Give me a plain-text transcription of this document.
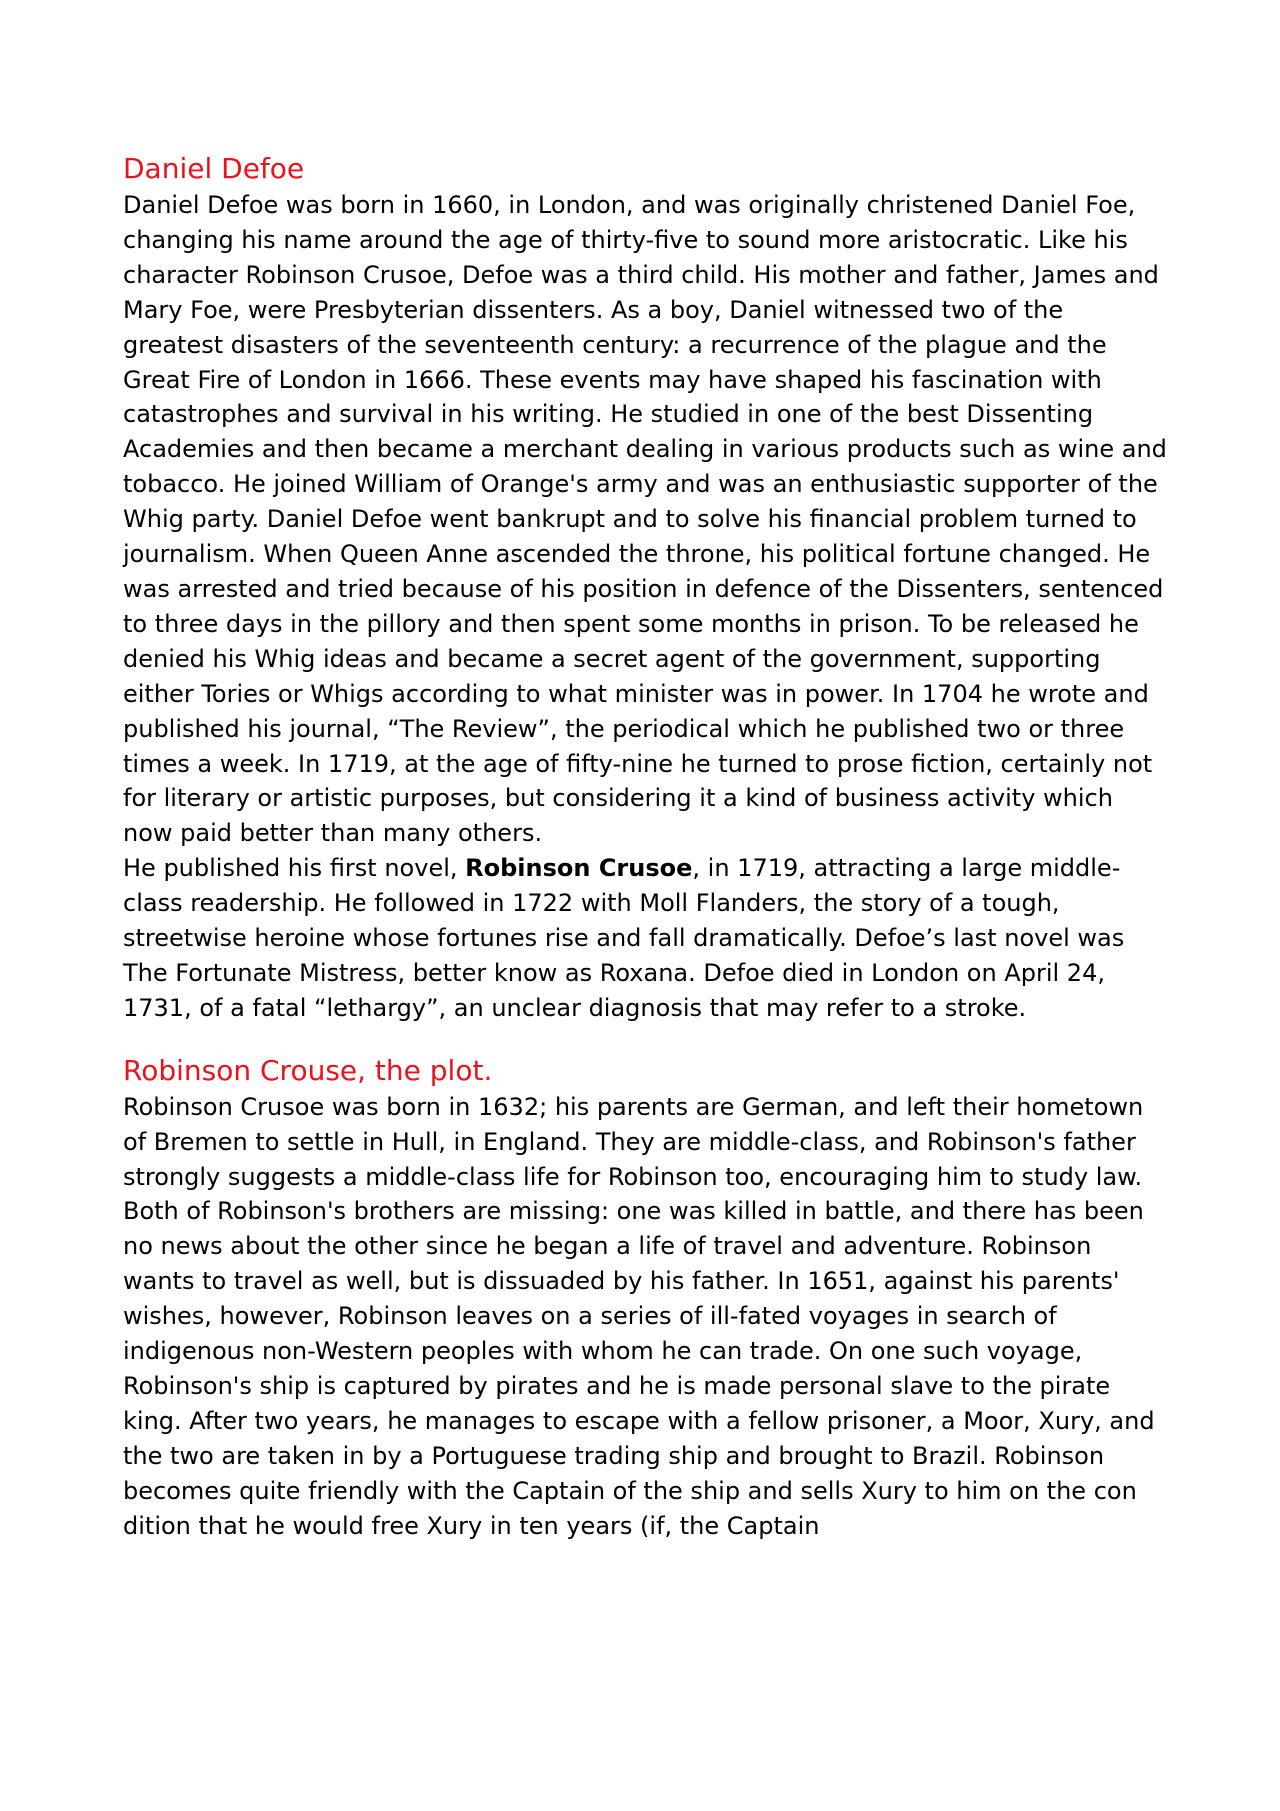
Daniel Defoe

Daniel Defoe was born in 1660, in London, and was originally christened Daniel Foe, changing his name around the age of thirty-five to sound more aristocratic. Like his character Robinson Crusoe, Defoe was a third child. His mother and father, James and Mary Foe, were Presbyterian dissenters. As a boy, Daniel witnessed two of the greatest disasters of the seventeenth century: a recurrence of the plague and the Great Fire of London in 1666. These events may have shaped his fascination with catastrophes and survival in his writing. He studied in one of the best Dissenting Academies and then became a merchant dealing in various products such as wine and tobacco. He joined William of Orange's army and was an enthusiastic supporter of the Whig party. Daniel Defoe went bankrupt and to solve his financial problem turned to journalism. When Queen Anne ascended the throne, his political fortune changed. He was arrested and tried because of his position in defence of the Dissenters, sentenced to three days in the pillory and then spent some months in prison. To be released he denied his Whig ideas and became a secret agent of the government, supporting either Tories or Whigs according to what minister was in power. In 1704 he wrote and published his journal, “The Review”, the periodical which he published two or three times a week. In 1719, at the age of fifty-nine he turned to prose fiction, certainly not for literary or artistic purposes, but considering it a kind of business activity which now paid better than many others.

He published his first novel, Robinson Crusoe, in 1719, attracting a large middle-class readership. He followed in 1722 with Moll Flanders, the story of a tough, streetwise heroine whose fortunes rise and fall dramatically. Defoe’s last novel was The Fortunate Mistress, better know as Roxana. Defoe died in London on April 24, 1731, of a fatal “lethargy”, an unclear diagnosis that may refer to a stroke.

Robinson Crouse, the plot.

Robinson Crusoe was born in 1632; his parents are German, and left their hometown of Bremen to settle in Hull, in England. They are middle-class, and Robinson's father strongly suggests a middle-class life for Robinson too, encouraging him to study law. Both of Robinson's brothers are missing: one was killed in battle, and there has been no news about the other since he began a life of travel and adventure. Robinson wants to travel as well, but is dissuaded by his father. In 1651, against his parents' wishes, however, Robinson leaves on a series of ill-fated voyages in search of indigenous non-Western peoples with whom he can trade. On one such voyage, Robinson's ship is captured by pirates and he is made personal slave to the pirate king. After two years, he manages to escape with a fellow prisoner, a Moor, Xury, and the two are taken in by a Portuguese trading ship and brought to Brazil. Robinson becomes quite friendly with the Captain of the ship and sells Xury to him on the con dition that he would free Xury in ten years (if, the Captain
